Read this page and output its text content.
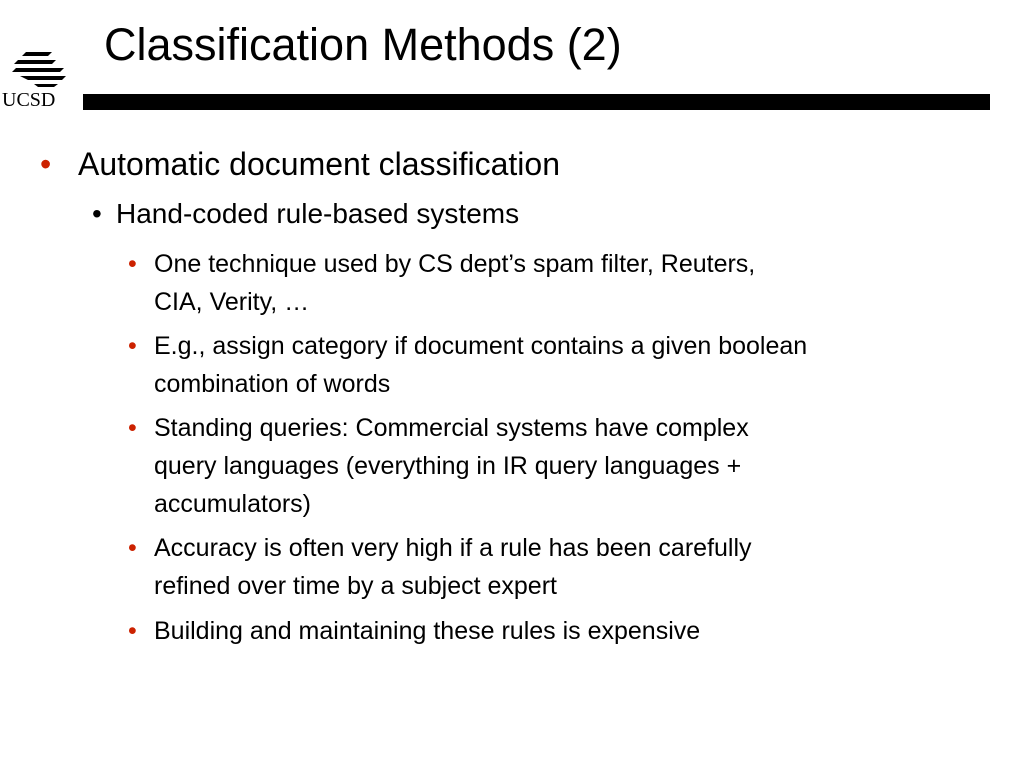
UCSD
Classification Methods (2)
• Automatic document classification
• Hand-coded rule-based systems
• One technique used by CS dept’s spam filter, Reuters,
CIA, Verity, …
• E.g., assign category if document contains a given boolean
combination of words
• Standing queries: Commercial systems have complex
query languages (everything in IR query languages +
accumulators)
• Accuracy is often very high if a rule has been carefully
refined over time by a subject expert
• Building and maintaining these rules is expensive
